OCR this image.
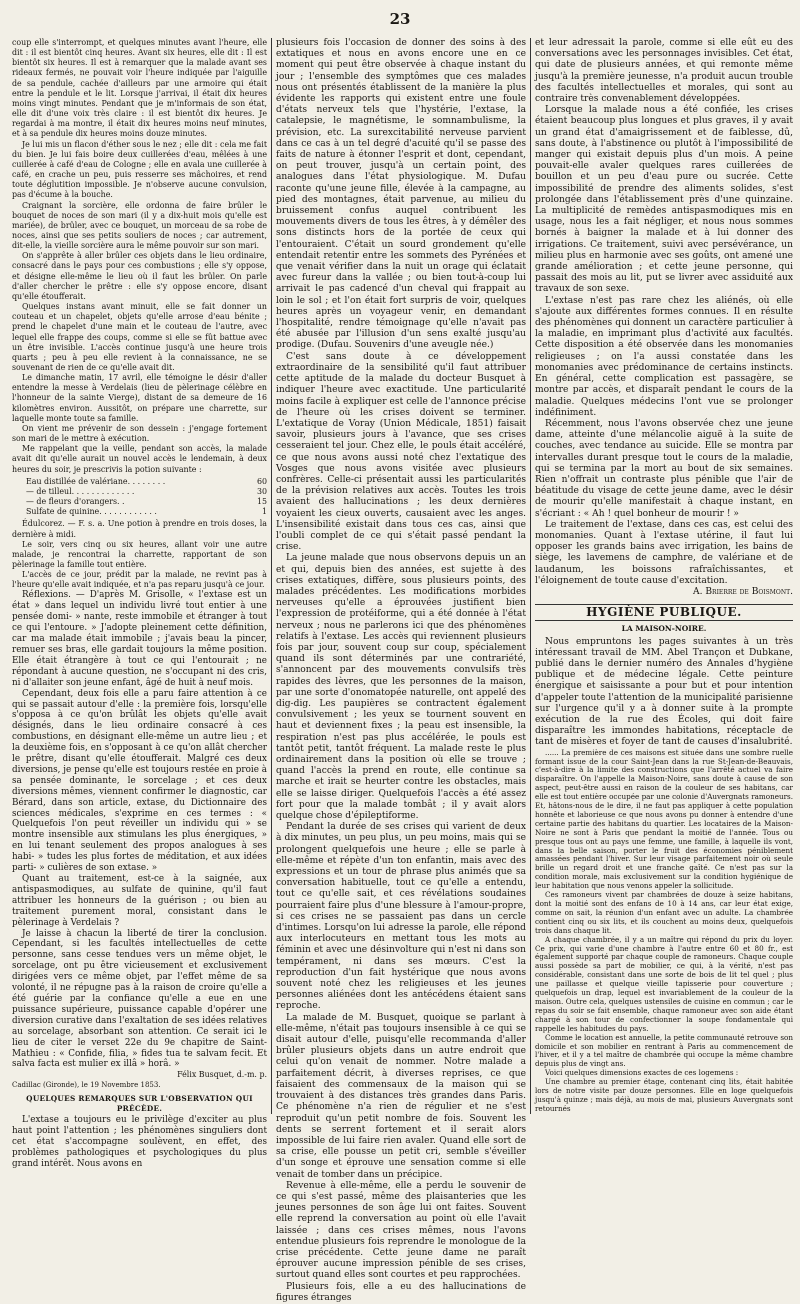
23

coup elle s'interrompt, et quelques minutes avant l'heure, elle dit : il est bientôt cinq heures. Avant six heures, elle dit : Il est bientôt six heures. Il est à remarquer que la malade avant ses rideaux fermés, ne pouvait voir l'heure indiquée par l'aiguille de sa pendule, cachée d'ailleurs par une armoire qui était entre la pendule et le lit. Lorsque j'arrivai, il était dix heures moins vingt minutes. Pendant que je m'informais de son état, elle dit d'une voix très claire : il est bientôt dix heures. Je regardai à ma montre, il était dix heures moins neuf minutes, et à sa pendule dix heures moins douze minutes.

Je lui mis un flacon d'éther sous le nez ; elle dit : cela me fait du bien. Je lui fais boire deux cuillerées d'eau, mêlées à une cuillerée à café d'eau de Cologne ; elle en avala une cuillerée à café, en crache un peu, puis resserre ses mâchoires, et rend toute déglutition impossible. Je n'observe aucune convulsion, pas d'écume à la bouche.

Craignant la sorcière, elle ordonna de faire brûler le bouquet de noces de son mari (il y a dix-huit mois qu'elle est mariée), de brûler, avec ce bouquet, un morceau de sa robe de noces, ainsi que ses petits souliers de noces ; car autrement, dit-elle, la vieille sorcière aura le même pouvoir sur son mari.

On s'apprête à aller brûler ces objets dans le lieu ordinaire, consacré dans le pays pour ces combustions ; elle s'y oppose, et désigne elle-même le lieu où il faut les brûler. On parle d'aller chercher le prêtre : elle s'y oppose encore, disant qu'elle étoufferait.

Quelques instans avant minuit, elle se fait donner un couteau et un chapelet, objets qu'elle arrose d'eau bénite ; prend le chapelet d'une main et le couteau de l'autre, avec lequel elle frappe des coups, comme si elle se fût battue avec un être invisible. L'accès continue jusqu'à une heure trois quarts ; peu à peu elle revient à la connaissance, ne se souvenant de rien de ce qu'elle avait dit.

Le dimanche matin, 17 avril, elle témoigne le désir d'aller entendre la messe à Verdelais (lieu de pèlerinage célèbre en l'honneur de la sainte Vierge), distant de sa demeure de 16 kilomètres environ. Aussitôt, on prépare une charrette, sur laquelle monte toute sa famille.

On vient me prévenir de son dessein : j'engage fortement son mari de le mettre à exécution.

Me rappelant que la veille, pendant son accès, la malade avait dit qu'elle aurait un nouvel accès le lendemain, à deux heures du soir, je prescrivis la potion suivante :

Eau distillée de valériane. . . . . . . .	60
— de tilleul. . . . . . . . . . . . .	30
— de fleurs d'orangers. .	15
Sulfate de quinine. . . . . . . . . . . .	1

Édulcorez. — F. s. a. Une potion à prendre en trois doses, la dernière à midi.

Le soir, vers cinq ou six heures, allant voir une autre malade, je rencontrai la charrette, rapportant de son pèlerinage la famille tout entière.

L'accès de ce jour, prédit par la malade, ne revint pas à l'heure qu'elle avait indiquée, et n'a pas reparu jusqu'à ce jour.

Réflexions. — D'après M. Grisolle, « l'extase est un état » dans lequel un individu livré tout entier à une pensée domi- » nante, reste immobile et étranger à tout ce qui l'entoure. » J'adopte pleinement cette définition, car ma malade était immobile ; j'avais beau la pincer, remuer ses bras, elle gardait toujours la même position. Elle était étrangère à tout ce qui l'entourait ; ne répondant à aucune question, ne s'occupant ni des cris, ni d'allaiter son jeune enfant, âgé de huit à neuf mois.

Cependant, deux fois elle a paru faire attention à ce qui se passait autour d'elle : la première fois, lorsqu'elle s'opposa à ce qu'on brûlât les objets qu'elle avait désignés, dans le lieu ordinaire consacré à ces combustions, en désignant elle-même un autre lieu ; et la deuxième fois, en s'opposant à ce qu'on allât chercher le prêtre, disant qu'elle étoufferait. Malgré ces deux diversions, je pense qu'elle est toujours restée en proie à sa pensée dominante, le sorcelage ; et ces deux diversions mêmes, viennent confirmer le diagnostic, car Bérard, dans son article, extase, du Dictionnaire des sciences médicales, s'exprime en ces termes : « Quelquefois l'on peut réveiller un individu qui » se montre insensible aux stimulans les plus énergiques, » en lui tenant seulement des propos analogues à ses habi- » tudes les plus fortes de méditation, et aux idées parti- » culières de son extase. »

Quant au traitement, est-ce à la saignée, aux antispasmodiques, au sulfate de quinine, qu'il faut attribuer les honneurs de la guérison ; ou bien au traitement purement moral, consistant dans le pèlerinage à Verdelais ?

Je laisse à chacun la liberté de tirer la conclusion. Cependant, si les facultés intellectuelles de cette personne, sans cesse tendues vers un même objet, le sorcelage, ont pu être vicieusement et exclusivement dirigées vers ce même objet, par l'effet même de sa volonté, il ne répugne pas à la raison de croire qu'elle a été guérie par la confiance qu'elle a eue en une puissance supérieure, puissance capable d'opérer une diversion curative dans l'exaltation de ses idées relatives au sorcelage, absorbant son attention. Ce serait ici le lieu de citer le verset 22e du 9e chapitre de Saint-Mathieu : « Confide, filia, » fides tua te salvam fecit. Et salva facta est mulier ex illâ » horâ. »

Félix Busquet, d.-m. p.

Cadillac (Gironde), le 19 Novembre 1853.

QUELQUES REMARQUES SUR L'OBSERVATION QUI PRÉCÈDE.

L'extase a toujours eu le privilège d'exciter au plus haut point l'attention ; les phénomènes singuliers dont cet état s'accompagne soulèvent, en effet, des problèmes pathologiques et psychologiques du plus grand intérêt. Nous avons en

plusieurs fois l'occasion de donner des soins à des extatiques et nous en avons encore une en ce moment qui peut être observée à chaque instant du jour ; l'ensemble des symptômes que ces malades nous ont présentés établissent de la manière la plus évidente les rapports qui existent entre une foule d'états nerveux tels que l'hystérie, l'extase, la catalepsie, le magnétisme, le somnambulisme, la prévision, etc. La surexcitabilité nerveuse parvient dans ce cas à un tel degré d'acuité qu'il se passe des faits de nature à étonner l'esprit et dont, cependant, on peut trouver, jusqu'à un certain point, des analogues dans l'état physiologique. M. Dufau raconte qu'une jeune fille, élevée à la campagne, au pied des montagnes, était parvenue, au milieu du bruissement confus auquel contribuent les mouvements divers de tous les êtres, à y démêler des sons distincts hors de la portée de ceux qui l'entouraient. C'était un sourd grondement qu'elle entendait retentir entre les sommets des Pyrénées et que venait vérifier dans la nuit un orage qui éclatait avec fureur dans la vallée ; ou bien tout-à-coup lui arrivait le pas cadencé d'un cheval qui frappait au loin le sol ; et l'on était fort surpris de voir, quelques heures après un voyageur venir, en demandant l'hospitalité, rendre témoignage qu'elle n'avait pas été abusée par l'illusion d'un sens exalté jusqu'au prodige. (Dufau. Souvenirs d'une aveugle née.)

C'est sans doute à ce développement extraordinaire de la sensibilité qu'il faut attribuer cette aptitude de la malade du docteur Busquet à indiquer l'heure avec exactitude. Une particularité moins facile à expliquer est celle de l'annonce précise de l'heure où les crises doivent se terminer. L'extatique de Voray (Union Médicale, 1851) faisait savoir, plusieurs jours à l'avance, que ses crises cesseraient tel jour. Chez elle, le pouls était accéléré, ce que nous avons aussi noté chez l'extatique des Vosges que nous avons visitée avec plusieurs confrères. Celle-ci présentait aussi les particularités de la prévision relatives aux accès. Toutes les trois avaient des hallucinations ; les deux dernières voyaient les cieux ouverts, causaient avec les anges. L'insensibilité existait dans tous ces cas, ainsi que l'oubli complet de ce qui s'était passé pendant la crise.

La jeune malade que nous observons depuis un an et qui, depuis bien des années, est sujette à des crises extatiques, diffère, sous plusieurs points, des malades précédentes. Les modifications morbides nerveuses qu'elle a éprouvées justifient bien l'expression de protéiforme, qui a été donnée à l'état nerveux ; nous ne parlerons ici que des phénomènes relatifs à l'extase. Les accès qui reviennent plusieurs fois par jour, souvent coup sur coup, spécialement quand ils sont déterminés par une contrariété, s'annoncent par des mouvements convulsifs très rapides des lèvres, que les personnes de la maison, par une sorte d'onomatopée naturelle, ont appelé des dig-dig. Les paupières se contractent également convulsivement ; les yeux se tournent souvent en haut et deviennent fixes ; la peau est insensible, la respiration n'est pas plus accélérée, le pouls est tantôt petit, tantôt fréquent. La malade reste le plus ordinairement dans la position où elle se trouve ; quand l'accès la prend en route, elle continue sa marche et irait se heurter contre les obstacles, mais elle se laisse diriger. Quelquefois l'accès a été assez fort pour que la malade tombât ; il y avait alors quelque chose d'épileptiforme.

Pendant la durée de ses crises qui varient de deux à dix minutes, un peu plus, un peu moins, mais qui se prolongent quelquefois une heure ; elle se parle à elle-même et répète d'un ton enfantin, mais avec des expressions et un tour de phrase plus animés que sa conversation habituelle, tout ce qu'elle a entendu, tout ce qu'elle sait, et ces révélations soudaines pourraient faire plus d'une blessure à l'amour-propre, si ces crises ne se passaient pas dans un cercle d'intimes. Lorsqu'on lui adresse la parole, elle répond aux interlocuteurs en mettant tous les mots au féminin et avec une désinvolture qui n'est ni dans son tempérament, ni dans ses mœurs. C'est la reproduction d'un fait hystérique que nous avons souvent noté chez les religieuses et les jeunes personnes aliénées dont les antécédens étaient sans reproche.

La malade de M. Busquet, quoique se parlant à elle-même, n'était pas toujours insensible à ce qui se disait autour d'elle, puisqu'elle recommanda d'aller brûler plusieurs objets dans un autre endroit que celui qu'on venait de nommer. Notre malade a parfaitement décrit, à diverses reprises, ce que faisaient des commensaux de la maison qui se trouvaient à des distances très grandes dans Paris. Ce phénomène n'a rien de régulier et ne s'est reproduit qu'un petit nombre de fois. Souvent les dents se serrent fortement et il serait alors impossible de lui faire rien avaler. Quand elle sort de sa crise, elle pousse un petit cri, semble s'éveiller d'un songe et éprouve une sensation comme si elle venait de tomber dans un précipice.

Revenue à elle-même, elle a perdu le souvenir de ce qui s'est passé, même des plaisanteries que les jeunes personnes de son âge lui ont faites. Souvent elle reprend la conversation au point où elle l'avait laissée ; dans ces crises mêmes, nous l'avons entendue plusieurs fois reprendre le monologue de la crise précédente. Cette jeune dame ne paraît éprouver aucune impression pénible de ses crises, surtout quand elles sont courtes et peu rapprochées.

Plusieurs fois, elle a eu des hallucinations de figures étranges

et leur adressait la parole, comme si elle eût eu des conversations avec les personnages invisibles. Cet état, qui date de plusieurs années, et qui remonte même jusqu'à la première jeunesse, n'a produit aucun trouble des facultés intellectuelles et morales, qui sont au contraire très convenablement développées.

Lorsque la malade nous a été confiée, les crises étaient beaucoup plus longues et plus graves, il y avait un grand état d'amaigrissement et de faiblesse, dû, sans doute, à l'abstinence ou plutôt à l'impossibilité de manger qui existait depuis plus d'un mois. A peine pouvait-elle avaler quelques rares cuillerées de bouillon et un peu d'eau pure ou sucrée. Cette impossibilité de prendre des aliments solides, s'est prolongée dans l'établissement près d'une quinzaine. La multiplicité de remèdes antispasmodiques mis en usage, nous les a fait négliger, et nous nous sommes bornés à baigner la malade et à lui donner des irrigations. Ce traitement, suivi avec persévérance, un milieu plus en harmonie avec ses goûts, ont amené une grande amélioration ; et cette jeune personne, qui passait des mois au lit, put se livrer avec assiduité aux travaux de son sexe.

L'extase n'est pas rare chez les aliénés, où elle s'ajoute aux différentes formes connues. Il en résulte des phénomènes qui donnent un caractère particulier à la maladie, en imprimant plus d'activité aux facultés. Cette disposition a été observée dans les monomanies religieuses ; on l'a aussi constatée dans les monomanies avec prédominance de certains instincts. En général, cette complication est passagère, se montre par accès, et disparaît pendant le cours de la maladie. Quelques médecins l'ont vue se prolonger indéfiniment.

Récemment, nous l'avons observée chez une jeune dame, atteinte d'une mélancolie aiguë à la suite de couches, avec tendance au suicide. Elle se montra par intervalles durant presque tout le cours de la maladie, qui se termina par la mort au bout de six semaines. Rien n'offrait un contraste plus pénible que l'air de béatitude du visage de cette jeune dame, avec le désir de mourir qu'elle manifestait à chaque instant, en s'écriant : « Ah ! quel bonheur de mourir ! »

Le traitement de l'extase, dans ces cas, est celui des monomanies. Quant à l'extase utérine, il faut lui opposer les grands bains avec irrigation, les bains de siège, les lavemens de camphre, de valériane et de laudanum, les boissons rafraîchissantes, et l'éloignement de toute cause d'excitation.

A. Brierre de Boismont.

HYGIÈNE PUBLIQUE.

LA MAISON-NOIRE.

Nous empruntons les pages suivantes à un très intéressant travail de MM. Abel Trançon et Dubkane, publié dans le dernier numéro des Annales d'hygiène publique et de médecine légale. Cette peinture énergique et saisissante a pour but et pour intention d'appeler toute l'attention de la municipalité parisienne sur l'urgence qu'il y a à donner suite à la prompte exécution de la rue des Écoles, qui doit faire disparaître les immondes habitations, réceptacle de tant de misères et foyer de tant de causes d'insalubrité.

...... La première de ces maisons est située dans une sombre ruelle formant issue de la cour Saint-Jean dans la rue St-Jean-de-Beauvais, c'est-à-dire à la limite des constructions que l'arrêté actuel va faire disparaître. On l'appelle la Maison-Noire, sans doute à cause de son aspect, peut-être aussi en raison de la couleur de ses habitans, car elle est tout entière occupée par une colonie d'Auvergnats ramoneurs. Et, hâtons-nous de le dire, il ne faut pas appliquer à cette population honnête et laborieuse ce que nous avons pu donner à entendre d'une certaine partie des habitans du quartier. Les locataires de la Maison-Noire ne sont à Paris que pendant la moitié de l'année. Tous ou presque tous ont au pays une femme, une famille, à laquelle ils vont, dans la belle saison, porter le fruit des économies péniblement amassées pendant l'hiver. Sur leur visage parfaitement noir où seule brille un regard droit et une franche gaîté. Ce n'est pas sur la condition morale, mais exclusivement sur la condition hygiénique de leur habitation que nous venons appeler la sollicitude.

Ces ramoneurs vivent par chambrées de douze à seize habitans, dont la moitié sont des enfans de 10 à 14 ans, car leur état exige, comme on sait, la réunion d'un enfant avec un adulte. La chambrée contient cinq ou six lits, et ils couchent au moins deux, quelquefois trois dans chaque lit.

A chaque chambrée, il y a un maître qui répond du prix du loyer. Ce prix, qui varie d'une chambre à l'autre entre 60 et 80 fr., est également supporté par chaque couple de ramoneurs. Chaque couple aussi possède sa part de mobilier, ce qui, à la vérité, n'est pas considérable, consistant dans une sorte de bois de lit tel quel ; plus une paillasse et quelque vieille tapisserie pour couverture ; quelquefois un drap, lequel est invariablement de la couleur de la maison. Outre cela, quelques ustensiles de cuisine en commun ; car le repas du soir se fait ensemble, chaque ramoneur avec son aide étant chargé à son tour de confectionner la soupe fondamentale qui rappelle les habitudes du pays.

Comme le location est annuelle, la petite communauté retrouve son domicile et son mobilier en rentrant à Paris au commencement de l'hiver, et il y a tel maître de chambrée qui occupe la même chambre depuis plus de vingt ans.

Voici quelques dimensions exactes de ces logemens :

Une chambre au premier étage, contenant cinq lits, était habitée lors de notre visite par douze personnes. Elle en loge quelquefois jusqu'à quinze ; mais déjà, au mois de mai, plusieurs Auvergnats sont retournés
